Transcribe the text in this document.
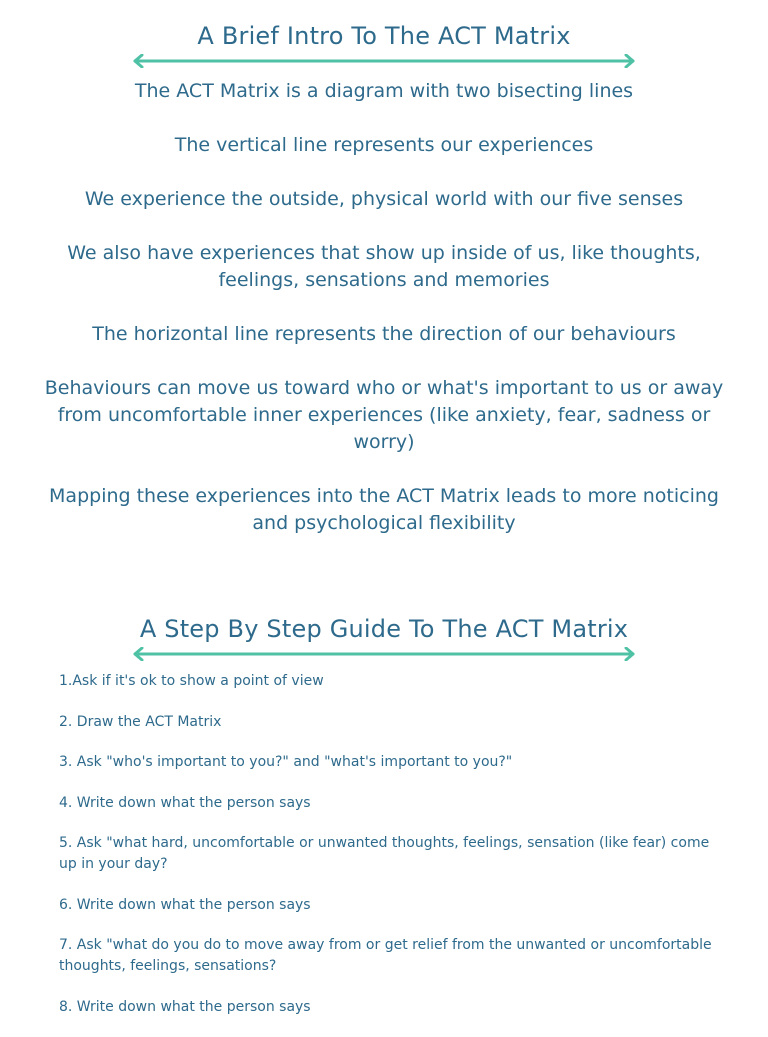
A Brief Intro To The ACT Matrix

The ACT Matrix is a diagram with two bisecting lines

The vertical line represents our experiences

We experience the outside, physical world with our five senses

We also have experiences that show up inside of us, like thoughts, feelings, sensations and memories

The horizontal line represents the direction of our behaviours

Behaviours can move us toward who or what's important to us or away from uncomfortable inner experiences (like anxiety, fear, sadness or worry)

Mapping these experiences into the ACT Matrix leads to more noticing and psychological flexibility

A Step By Step Guide To The ACT Matrix

1.Ask if it's ok to show a point of view

2. Draw the ACT Matrix

3. Ask "who's important to you?" and "what's important to you?"

4. Write down what the person says

5. Ask "what hard, uncomfortable or unwanted thoughts, feelings, sensation (like fear) come up in your day?

6. Write down what the person says

7. Ask "what do you do to move away from or get relief from the unwanted or uncomfortable thoughts, feelings, sensations?

8. Write down what the person says
